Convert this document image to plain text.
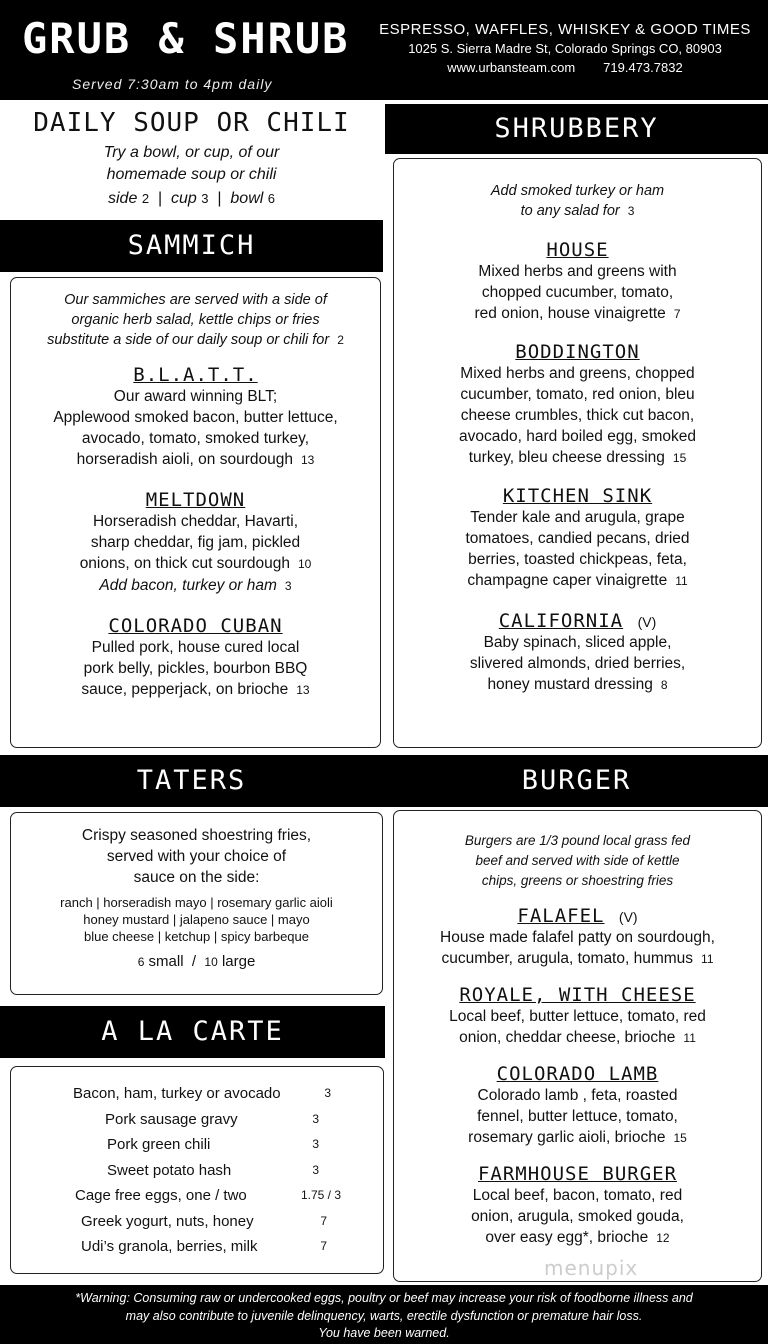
GRUB & SHRUB
Served 7:30am to 4pm daily
ESPRESSO, WAFFLES, WHISKEY & GOOD TIMES
1025 S. Sierra Madre St, Colorado Springs CO, 80903
www.urbansteam.com 719.473.7832
DAILY SOUP OR CHILI
Try a bowl, or cup, of our
homemade soup or chili
side 2 | cup 3 | bowl 6
SHRUBBERY
Add smoked turkey or ham
to any salad for 3
HOUSE
Mixed herbs and greens with
chopped cucumber, tomato,
red onion, house vinaigrette 7
BODDINGTON
Mixed herbs and greens, chopped
cucumber, tomato, red onion, bleu
cheese crumbles, thick cut bacon,
avocado, hard boiled egg, smoked
turkey, bleu cheese dressing 15
KITCHEN SINK
Tender kale and arugula, grape
tomatoes, candied pecans, dried
berries, toasted chickpeas, feta,
champagne caper vinaigrette 11
CALIFORNIA (V)
Baby spinach, sliced apple,
slivered almonds, dried berries,
honey mustard dressing 8
SAMMICH
Our sammiches are served with a side of
organic herb salad, kettle chips or fries
substitute a side of our daily soup or chili for 2
B.L.A.T.T.
Our award winning BLT;
Applewood smoked bacon, butter lettuce,
avocado, tomato, smoked turkey,
horseradish aioli, on sourdough 13
MELTDOWN
Horseradish cheddar, Havarti,
sharp cheddar, fig jam, pickled
onions, on thick cut sourdough 10
Add bacon, turkey or ham 3
COLORADO CUBAN
Pulled pork, house cured local
pork belly, pickles, bourbon BBQ
sauce, pepperjack, on brioche 13
TATERS	BURGER
Crispy seasoned shoestring fries,
served with your choice of
sauce on the side:
ranch | horseradish mayo | rosemary garlic aioli
honey mustard | jalapeno sauce | mayo
blue cheese | ketchup | spicy barbeque
6 small / 10 large
A LA CARTE
Bacon, ham, turkey or avocado	3
Pork sausage gravy	3
Pork green chili	3
Sweet potato hash	3
Cage free eggs, one / two	1.75 / 3
Greek yogurt, nuts, honey	7
Udi’s granola, berries, milk	7
Burgers are 1/3 pound local grass fed
beef and served with side of kettle
chips, greens or shoestring fries
FALAFEL (V)
House made falafel patty on sourdough,
cucumber, arugula, tomato, hummus 11
ROYALE, WITH CHEESE
Local beef, butter lettuce, tomato, red
onion, cheddar cheese, brioche 11
COLORADO LAMB
Colorado lamb , feta, roasted
fennel, butter lettuce, tomato,
rosemary garlic aioli, brioche 15
FARMHOUSE BURGER
Local beef, bacon, tomato, red
onion, arugula, smoked gouda,
over easy egg*, brioche 12
menupix
*Warning: Consuming raw or undercooked eggs, poultry or beef may increase your risk of foodborne illness and
may also contribute to juvenile delinquency, warts, erectile dysfunction or premature hair loss.
You have been warned.
